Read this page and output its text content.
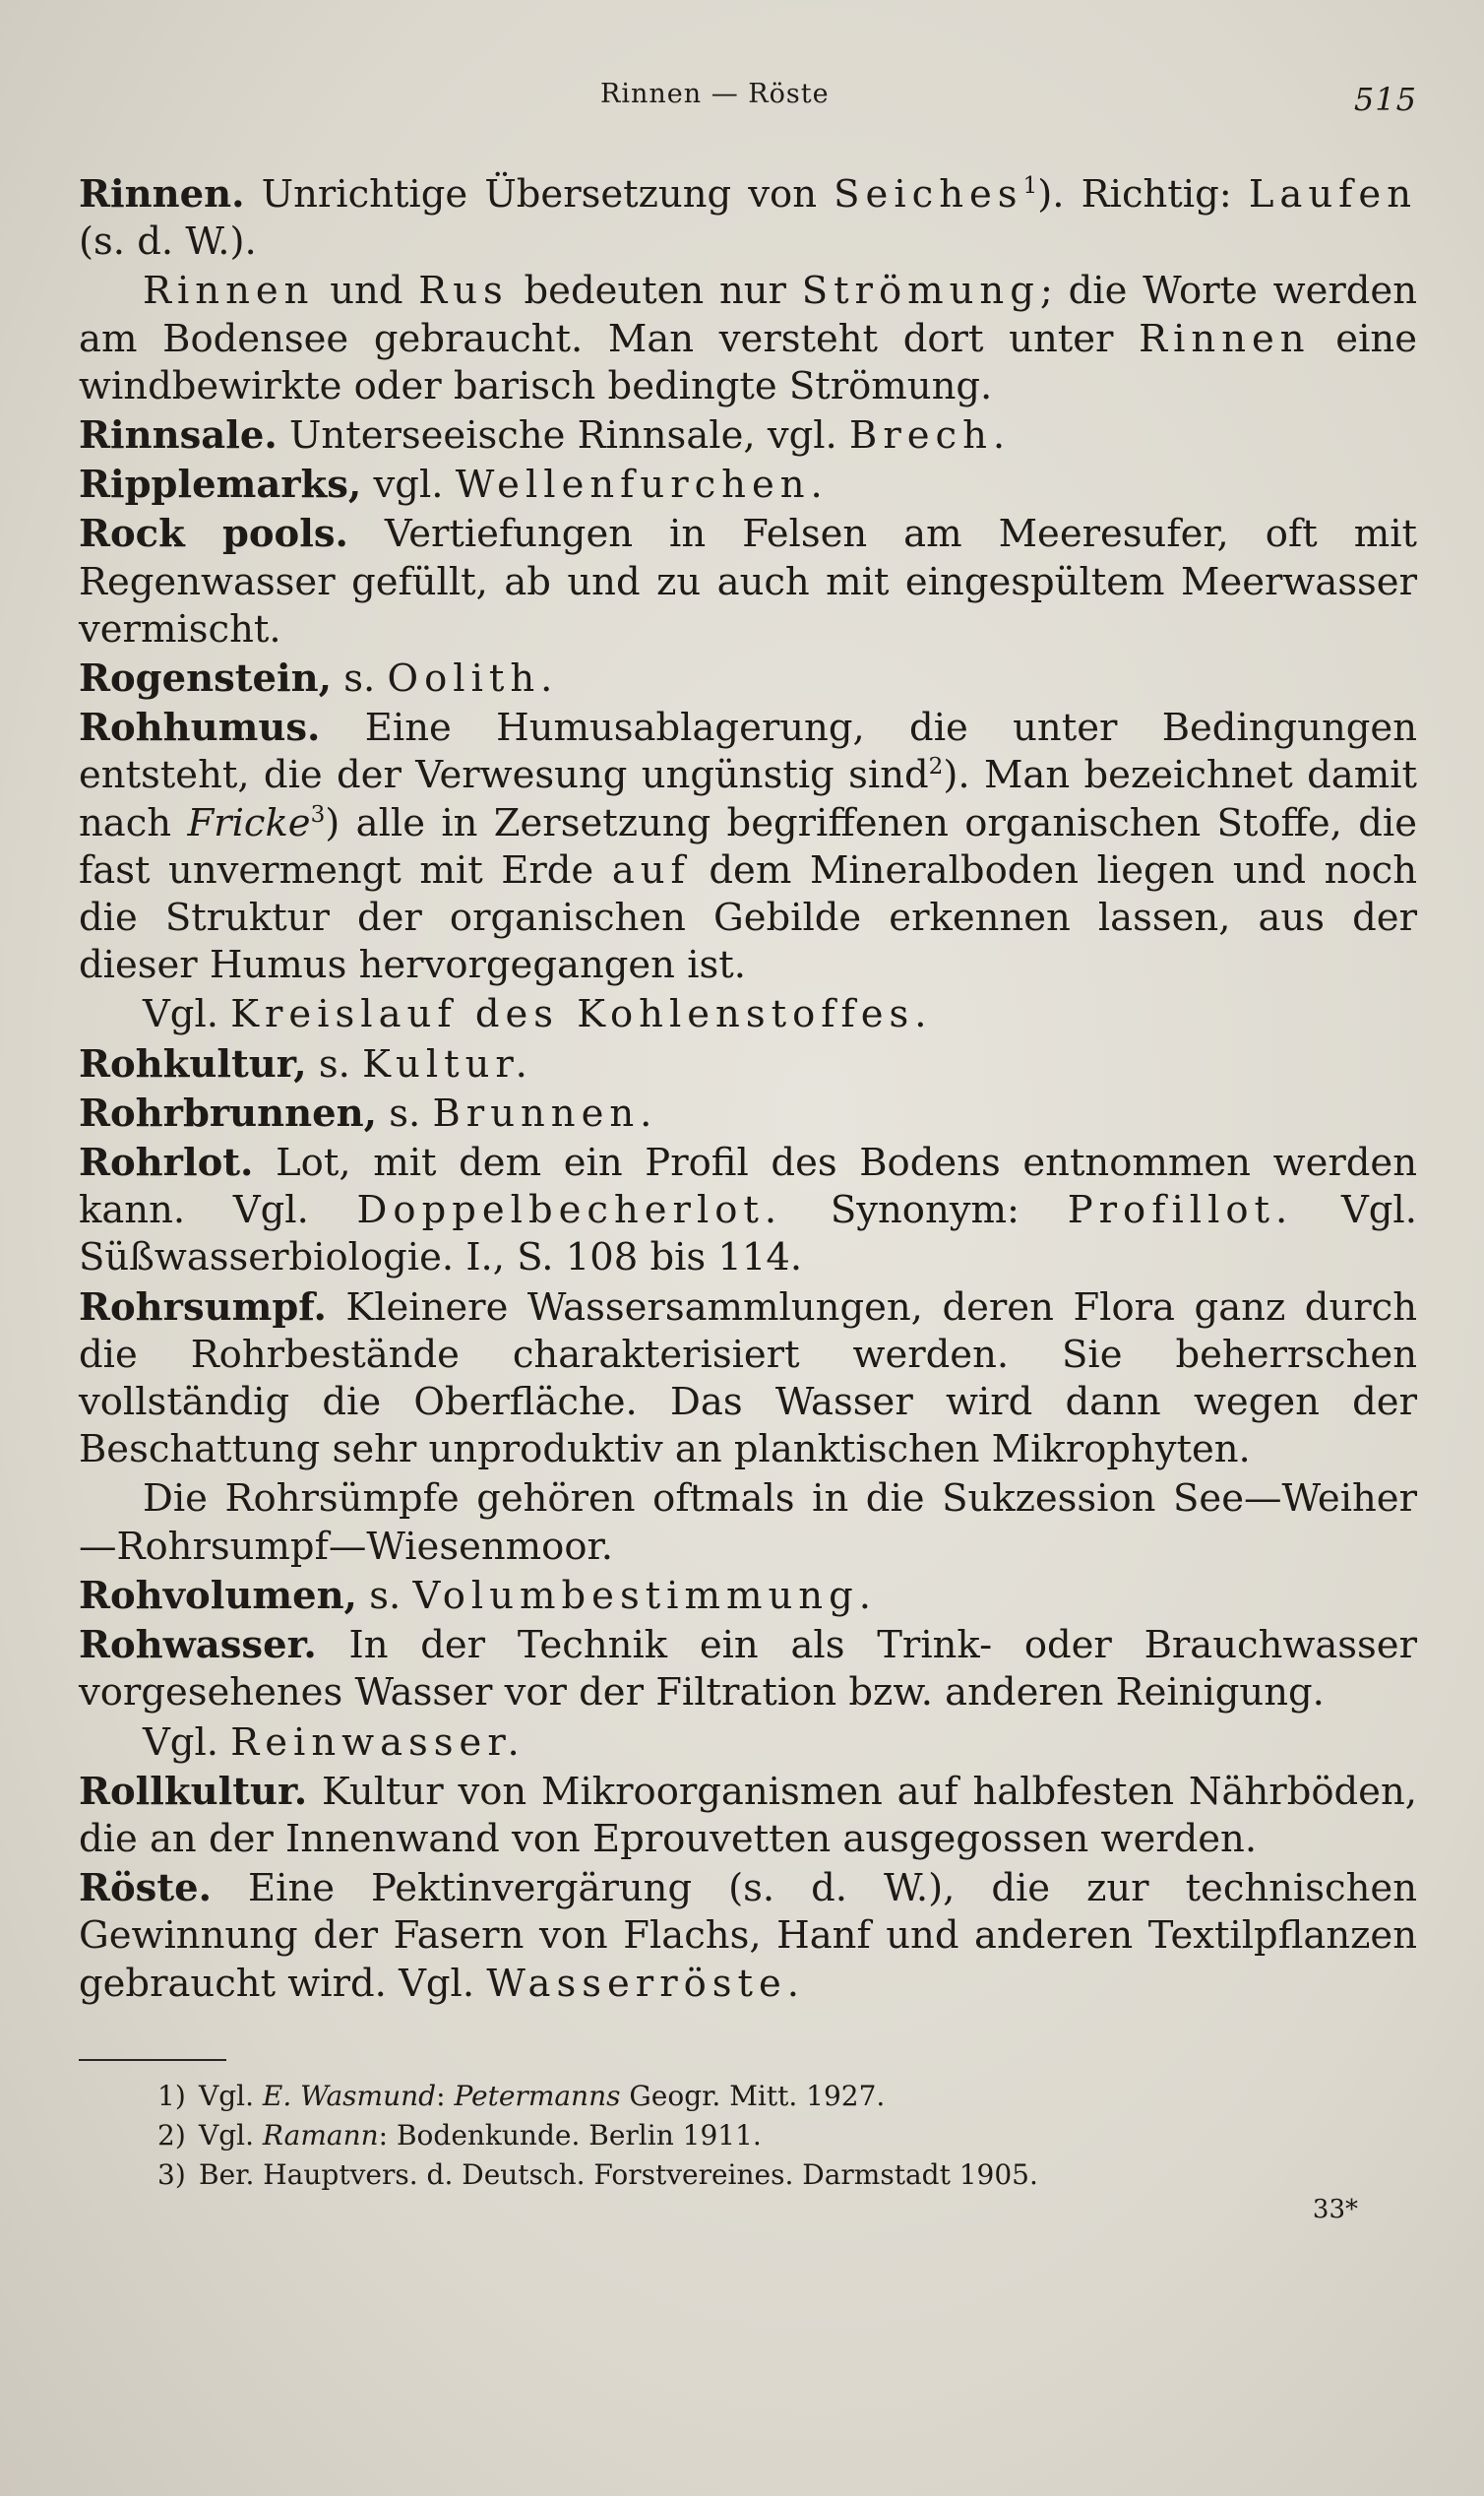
Rinnen — Röste	515

Rinnen. Unrichtige Übersetzung von Seiches$^1$). Richtig: Laufen (s. d. W.).

Rinnen und Rus bedeuten nur Strömung; die Worte werden am Bodensee gebraucht. Man versteht dort unter Rinnen eine windbewirkte oder barisch bedingte Strömung.

Rinnsale. Unterseeische Rinnsale, vgl. Brech.

Ripplemarks, vgl. Wellenfurchen.

Rock pools. Vertiefungen in Felsen am Meeresufer, oft mit Regenwasser gefüllt, ab und zu auch mit eingespültem Meerwasser vermischt.

Rogenstein, s. Oolith.

Rohhumus. Eine Humusablagerung, die unter Bedingungen entsteht, die der Verwesung ungünstig sind$^2$). Man bezeichnet damit nach Fricke$^3$) alle in Zersetzung begriffenen organischen Stoffe, die fast unvermengt mit Erde auf dem Mineralboden liegen und noch die Struktur der organischen Gebilde erkennen lassen, aus der dieser Humus hervorgegangen ist.

Vgl. Kreislauf des Kohlenstoffes.

Rohkultur, s. Kultur.

Rohrbrunnen, s. Brunnen.

Rohrlot. Lot, mit dem ein Profil des Bodens entnommen werden kann. Vgl. Doppelbecherlot. Synonym: Profillot. Vgl. Süßwasserbiologie. I., S. 108 bis 114.

Rohrsumpf. Kleinere Wassersammlungen, deren Flora ganz durch die Rohrbestände charakterisiert werden. Sie beherrschen vollständig die Oberfläche. Das Wasser wird dann wegen der Beschattung sehr unproduktiv an planktischen Mikrophyten.

Die Rohrsümpfe gehören oftmals in die Sukzession See—Weiher—Rohrsumpf—Wiesenmoor.

Rohvolumen, s. Volumbestimmung.

Rohwasser. In der Technik ein als Trink- oder Brauchwasser vorgesehenes Wasser vor der Filtration bzw. anderen Reinigung.

Vgl. Reinwasser.

Rollkultur. Kultur von Mikroorganismen auf halbfesten Nährböden, die an der Innenwand von Eprouvetten ausgegossen werden.

Röste. Eine Pektinvergärung (s. d. W.), die zur technischen Gewinnung der Fasern von Flachs, Hanf und anderen Textilpflanzen gebraucht wird. Vgl. Wasserröste.

1) Vgl. E. Wasmund: Petermanns Geogr. Mitt. 1927.

2) Vgl. Ramann: Bodenkunde. Berlin 1911.

3) Ber. Hauptvers. d. Deutsch. Forstvereines. Darmstadt 1905.

33*
